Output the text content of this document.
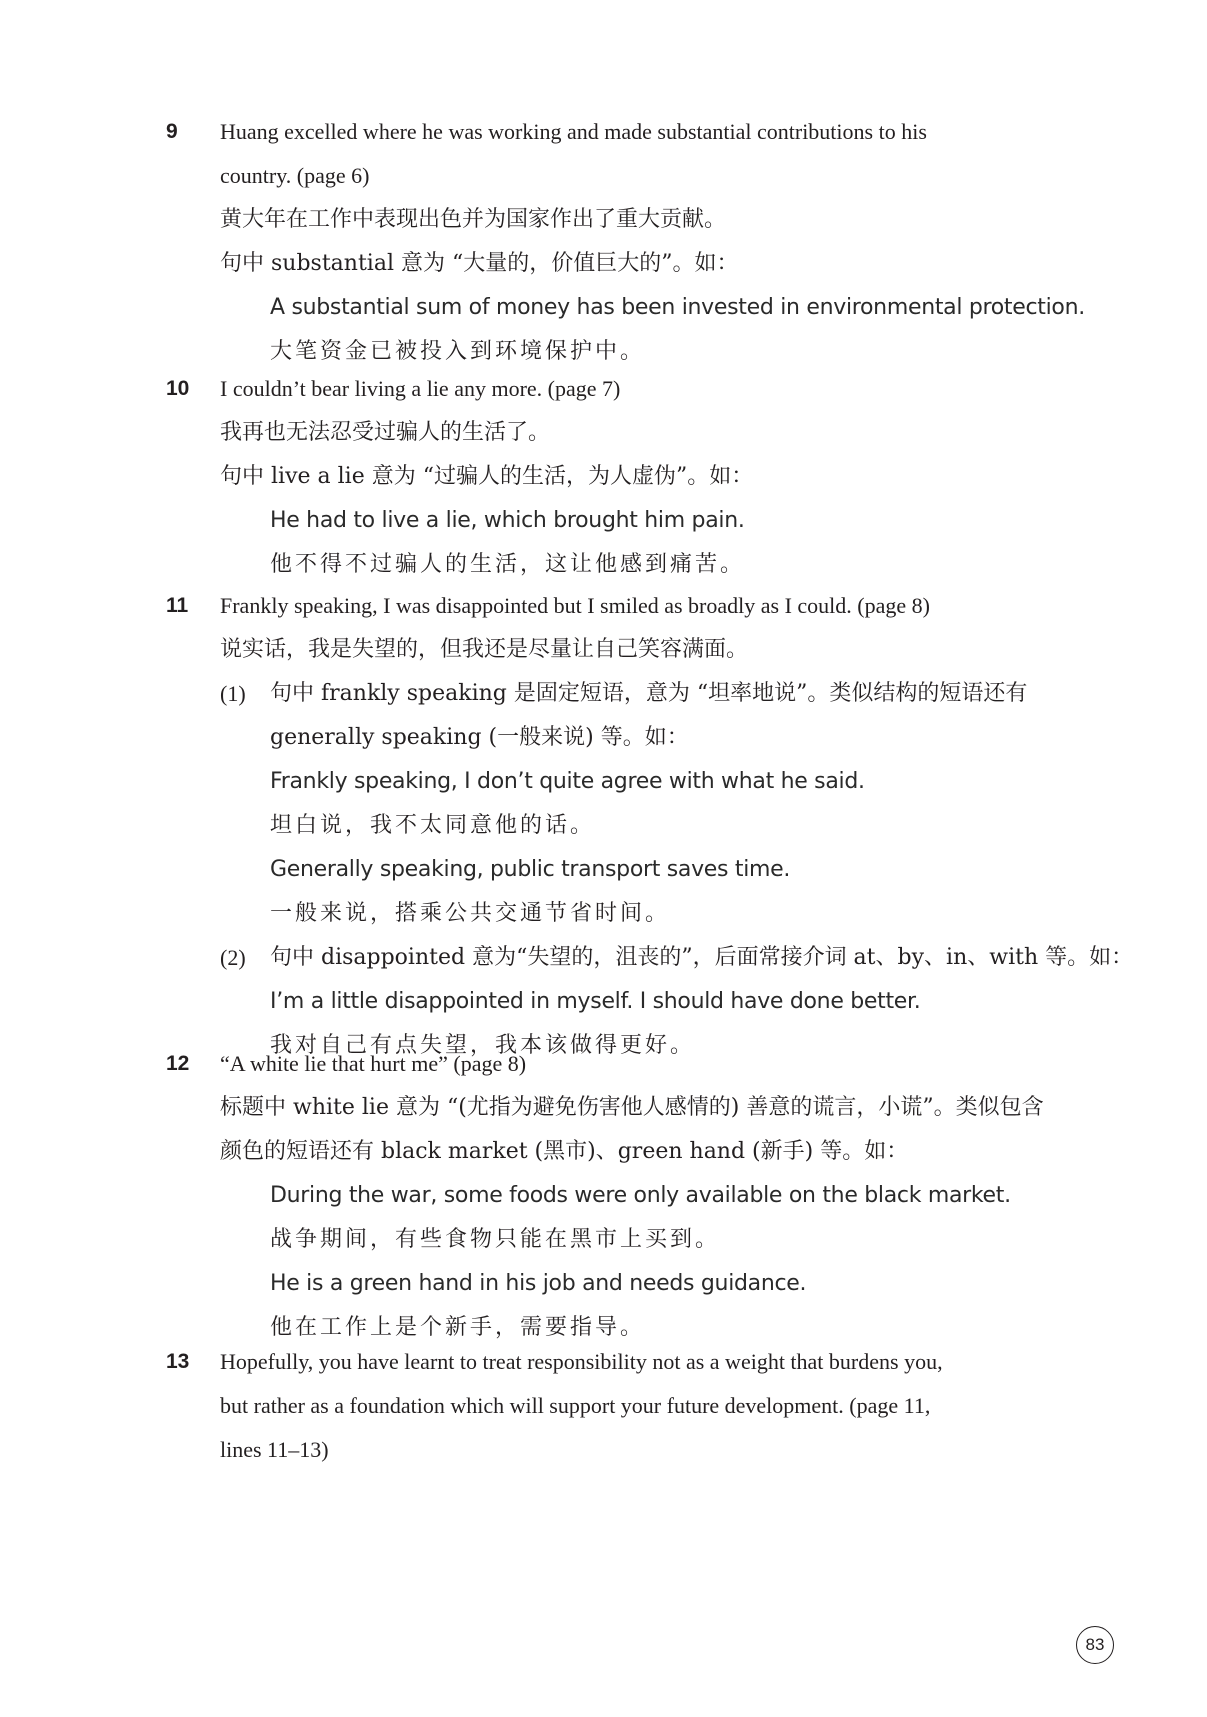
9 Huang excelled where he was working and made substantial contributions to his
country. (page 6)
黄大年在工作中表现出色并为国家作出了重大贡献。
句中 substantial 意为 “大量的，价值巨大的”。如：
A substantial sum of money has been invested in environmental protection.
大笔资金已被投入到环境保护中。
10 I couldn’t bear living a lie any more. (page 7)
我再也无法忍受过骗人的生活了。
句中 live a lie 意为 “过骗人的生活，为人虚伪”。如：
He had to live a lie, which brought him pain.
他不得不过骗人的生活，这让他感到痛苦。
11 Frankly speaking, I was disappointed but I smiled as broadly as I could. (page 8)
说实话，我是失望的，但我还是尽量让自己笑容满面。
(1) 句中 frankly speaking 是固定短语，意为 “坦率地说”。类似结构的短语还有
generally speaking (一般来说) 等。如：
Frankly speaking, I don’t quite agree with what he said.
坦白说，我不太同意他的话。
Generally speaking, public transport saves time.
一般来说，搭乘公共交通节省时间。
(2) 句中 disappointed 意为“失望的，沮丧的”，后面常接介词 at、by、in、with 等。如：
I’m a little disappointed in myself. I should have done better.
我对自己有点失望，我本该做得更好。
12 “A white lie that hurt me” (page 8)
标题中 white lie 意为 “(尤指为避免伤害他人感情的) 善意的谎言，小谎”。类似包含
颜色的短语还有 black market (黑市)、green hand (新手) 等。如：
During the war, some foods were only available on the black market.
战争期间，有些食物只能在黑市上买到。
He is a green hand in his job and needs guidance.
他在工作上是个新手，需要指导。
13 Hopefully, you have learnt to treat responsibility not as a weight that burdens you,
but rather as a foundation which will support your future development. (page 11,
lines 11–13)
83
